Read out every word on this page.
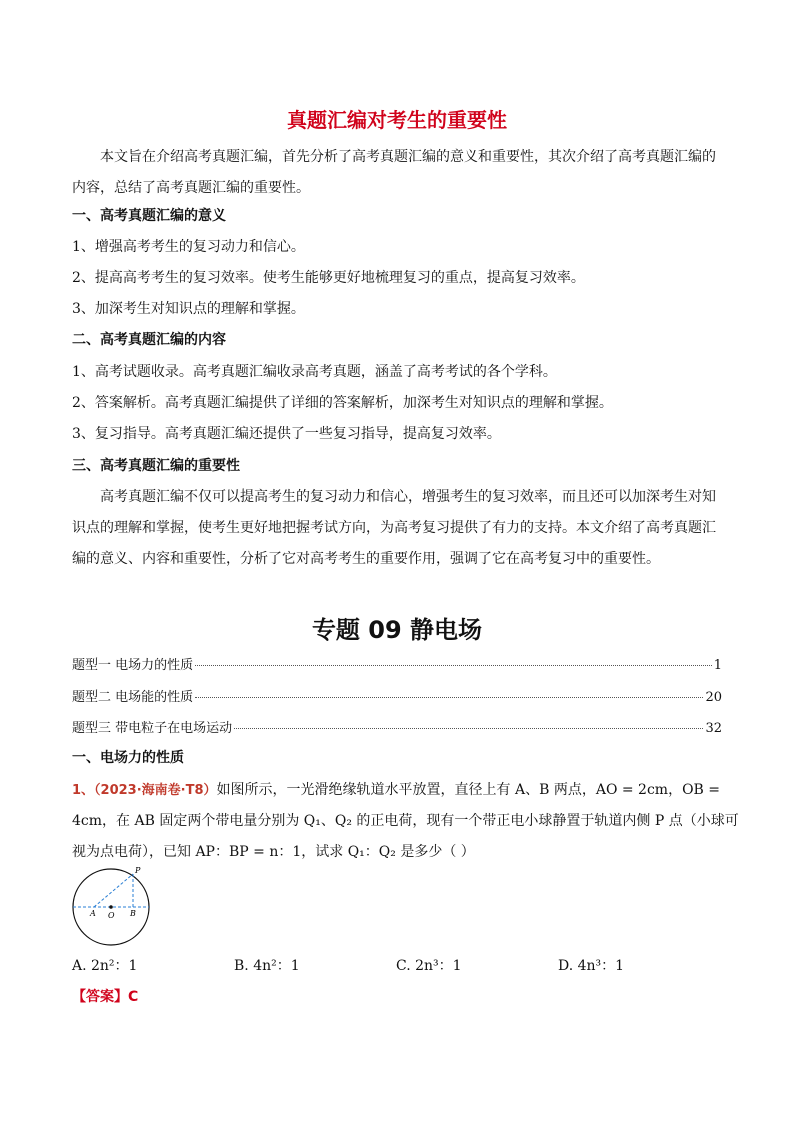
真题汇编对考生的重要性
本文旨在介绍高考真题汇编，首先分析了高考真题汇编的意义和重要性，其次介绍了高考真题汇编的内容，总结了高考真题汇编的重要性。
一、高考真题汇编的意义
1、增强高考考生的复习动力和信心。
2、提高高考考生的复习效率。使考生能够更好地梳理复习的重点，提高复习效率。
3、加深考生对知识点的理解和掌握。
二、高考真题汇编的内容
1、高考试题收录。高考真题汇编收录高考真题，涵盖了高考考试的各个学科。
2、答案解析。高考真题汇编提供了详细的答案解析，加深考生对知识点的理解和掌握。
3、复习指导。高考真题汇编还提供了一些复习指导，提高复习效率。
三、高考真题汇编的重要性
高考真题汇编不仅可以提高考生的复习动力和信心，增强考生的复习效率，而且还可以加深考生对知识点的理解和掌握，使考生更好地把握考试方向，为高考复习提供了有力的支持。本文介绍了高考真题汇编的意义、内容和重要性，分析了它对高考考生的重要作用，强调了它在高考复习中的重要性。
专题 09 静电场
题型一 电场力的性质	1
题型二 电场能的性质	20
题型三 带电粒子在电场运动	32
一、电场力的性质
1、（2023·海南卷·T8）如图所示，一光滑绝缘轨道水平放置，直径上有 A、B 两点，AO = 2cm，OB =
4cm，在 AB 固定两个带电量分别为 Q₁、Q₂ 的正电荷，现有一个带正电小球静置于轨道内侧 P 点（小球可
视为点电荷），已知 AP：BP = n：1，试求 Q₁：Q₂ 是多少（ ）
P
A O B
A. 2n²：1	B. 4n²：1	C. 2n³：1	D. 4n³：1
【答案】C
